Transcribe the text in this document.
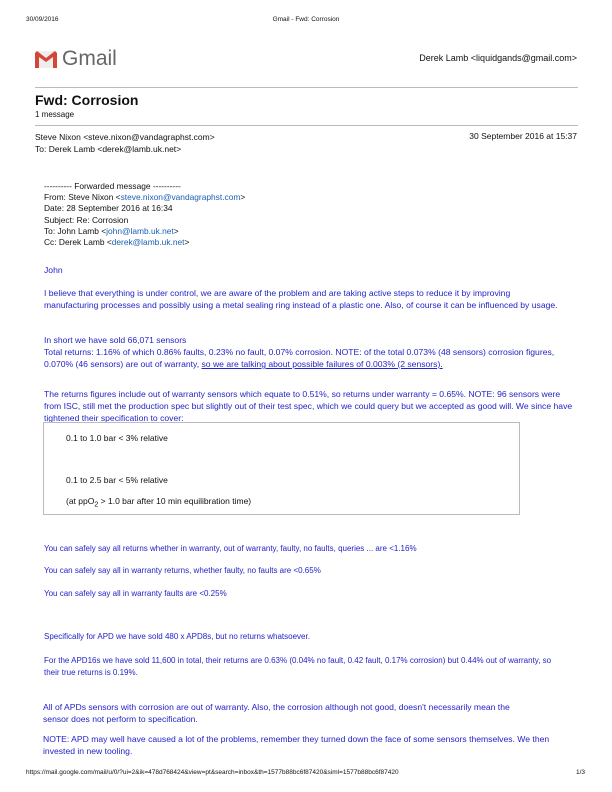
30/09/2016	Gmail - Fwd: Corrosion
Gmail	Derek Lamb <liquidgands@gmail.com>
Fwd: Corrosion
1 message
Steve Nixon <steve.nixon@vandagraphst.com>
To: Derek Lamb <derek@lamb.uk.net>
30 September 2016 at 15:37
---------- Forwarded message ----------
From: Steve Nixon <steve.nixon@vandagraphst.com>
Date: 28 September 2016 at 16:34
Subject: Re: Corrosion
To: John Lamb <john@lamb.uk.net>
Cc: Derek Lamb <derek@lamb.uk.net>
John
I believe that everything is under control, we are aware of the problem and are taking active steps to reduce it by improving manufacturing processes and possibly using a metal sealing ring instead of a plastic one. Also, of course it can be influenced by usage.
In short we have sold 66,071 sensors
Total returns: 1.16% of which 0.86% faults, 0.23% no fault, 0.07% corrosion. NOTE: of the total 0.073% (48 sensors) corrosion figures, 0.070% (46 sensors) are out of warranty, so we are talking about possible failures of 0.003% (2 sensors).
The returns figures include out of warranty sensors which equate to 0.51%, so returns under warranty = 0.65%. NOTE: 96 sensors were from ISC, still met the production spec but slightly out of their test spec, which we could query but we accepted as good will. We since have tightened their specification to cover:
0.1 to 1.0 bar < 3% relative
0.1 to 2.5 bar < 5% relative
(at ppO$_2$ > 1.0 bar after 10 min equilibration time)
You can safely say all returns whether in warranty, out of warranty, faulty, no faults, queries ... are <1.16%
You can safely say all in warranty returns, whether faulty, no faults are <0.65%
You can safely say all in warranty faults are <0.25%
Specifically for APD we have sold 480 x APD8s, but no returns whatsoever.
For the APD16s we have sold 11,600 in total, their returns are 0.63% (0.04% no fault, 0.42 fault, 0.17% corrosion) but 0.44% out of warranty, so their true returns is 0.19%.
All of APDs sensors with corrosion are out of warranty. Also, the corrosion although not good, doesn't necessarily mean the sensor does not perform to specification.
NOTE: APD may well have caused a lot of the problems, remember they turned down the face of some sensors themselves. We then invested in new tooling.
https://mail.google.com/mail/u/0/?ui=2&ik=478d768424&view=pt&search=inbox&th=1577b88bc6f87420&siml=1577b88bc6f87420	1/3
